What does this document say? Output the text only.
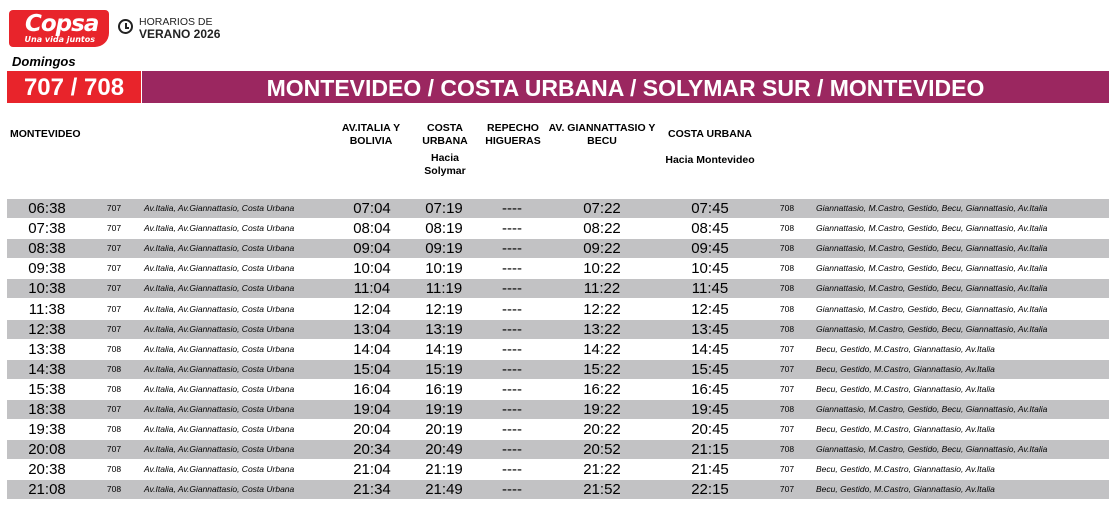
Copsa
Una vida juntos
HORARIOS DE
VERANO 2026
Domingos
707 / 708	MONTEVIDEO / COSTA URBANA / SOLYMAR SUR / MONTEVIDEO
MONTEVIDEO	AV.ITALIA Y
BOLIVIA
COSTA
URBANA
Hacia
Solymar
REPECHO
HIGUERAS
AV. GIANNATTASIO Y
BECU
COSTA URBANA
Hacia Montevideo
06:38	707	Av.Italia, Av.Giannattasio, Costa Urbana	07:04	07:19	----	07:22	07:45	708	Giannattasio, M.Castro, Gestido, Becu, Giannattasio, Av.Italia
07:38	707	Av.Italia, Av.Giannattasio, Costa Urbana	08:04	08:19	----	08:22	08:45	708	Giannattasio, M.Castro, Gestido, Becu, Giannattasio, Av.Italia
08:38	707	Av.Italia, Av.Giannattasio, Costa Urbana	09:04	09:19	----	09:22	09:45	708	Giannattasio, M.Castro, Gestido, Becu, Giannattasio, Av.Italia
09:38	707	Av.Italia, Av.Giannattasio, Costa Urbana	10:04	10:19	----	10:22	10:45	708	Giannattasio, M.Castro, Gestido, Becu, Giannattasio, Av.Italia
10:38	707	Av.Italia, Av.Giannattasio, Costa Urbana	11:04	11:19	----	11:22	11:45	708	Giannattasio, M.Castro, Gestido, Becu, Giannattasio, Av.Italia
11:38	707	Av.Italia, Av.Giannattasio, Costa Urbana	12:04	12:19	----	12:22	12:45	708	Giannattasio, M.Castro, Gestido, Becu, Giannattasio, Av.Italia
12:38	707	Av.Italia, Av.Giannattasio, Costa Urbana	13:04	13:19	----	13:22	13:45	708	Giannattasio, M.Castro, Gestido, Becu, Giannattasio, Av.Italia
13:38	708	Av.Italia, Av.Giannattasio, Costa Urbana	14:04	14:19	----	14:22	14:45	707	Becu, Gestido, M.Castro, Giannattasio, Av.Italia
14:38	708	Av.Italia, Av.Giannattasio, Costa Urbana	15:04	15:19	----	15:22	15:45	707	Becu, Gestido, M.Castro, Giannattasio, Av.Italia
15:38	708	Av.Italia, Av.Giannattasio, Costa Urbana	16:04	16:19	----	16:22	16:45	707	Becu, Gestido, M.Castro, Giannattasio, Av.Italia
18:38	707	Av.Italia, Av.Giannattasio, Costa Urbana	19:04	19:19	----	19:22	19:45	708	Giannattasio, M.Castro, Gestido, Becu, Giannattasio, Av.Italia
19:38	708	Av.Italia, Av.Giannattasio, Costa Urbana	20:04	20:19	----	20:22	20:45	707	Becu, Gestido, M.Castro, Giannattasio, Av.Italia
20:08	707	Av.Italia, Av.Giannattasio, Costa Urbana	20:34	20:49	----	20:52	21:15	708	Giannattasio, M.Castro, Gestido, Becu, Giannattasio, Av.Italia
20:38	708	Av.Italia, Av.Giannattasio, Costa Urbana	21:04	21:19	----	21:22	21:45	707	Becu, Gestido, M.Castro, Giannattasio, Av.Italia
21:08	708	Av.Italia, Av.Giannattasio, Costa Urbana	21:34	21:49	----	21:52	22:15	707	Becu, Gestido, M.Castro, Giannattasio, Av.Italia
